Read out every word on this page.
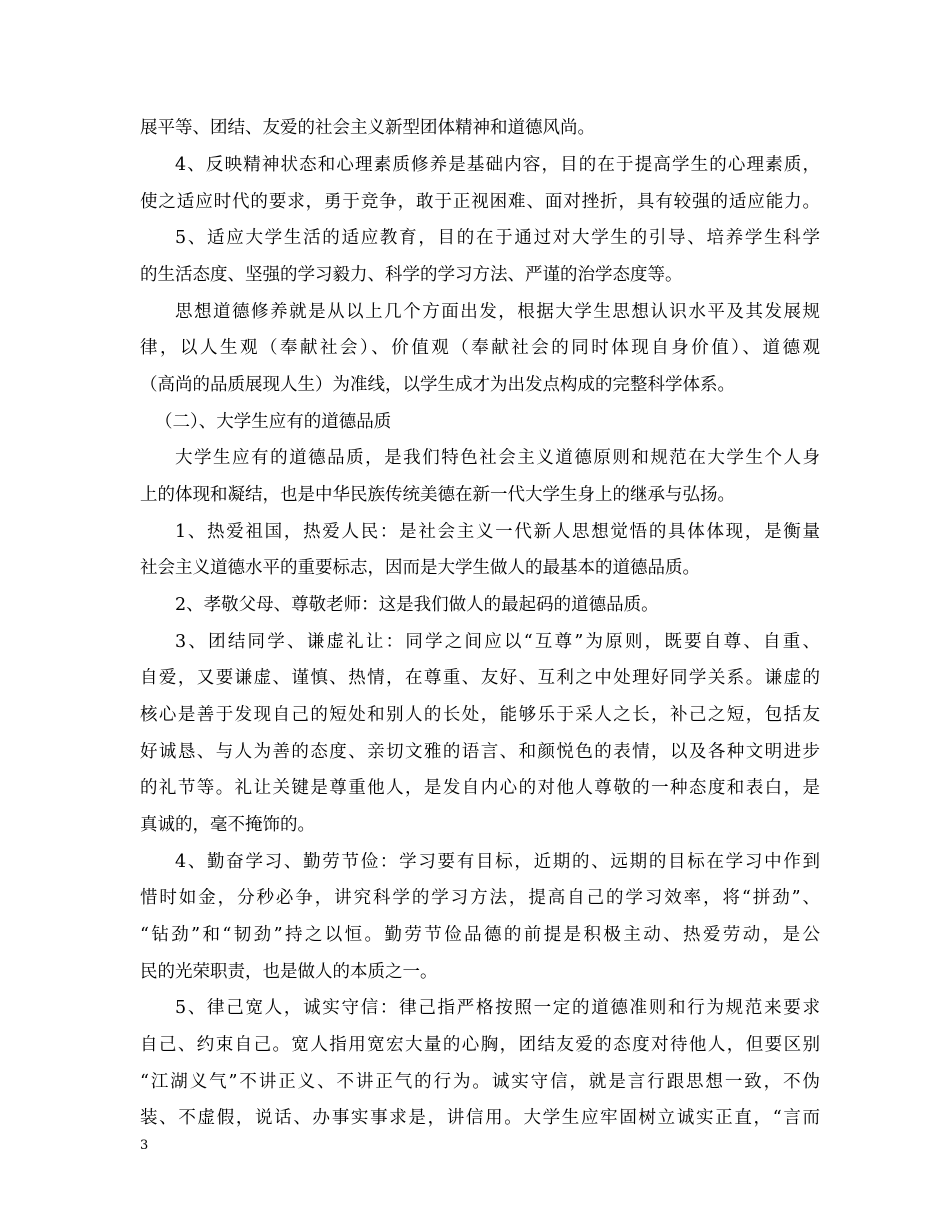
展平等、团结、友爱的社会主义新型团体精神和道德风尚。
4、反映精神状态和心理素质修养是基础内容，目的在于提高学生的心理素质，
使之适应时代的要求，勇于竞争，敢于正视困难、面对挫折，具有较强的适应能力。
5、适应大学生活的适应教育，目的在于通过对大学生的引导、培养学生科学
的生活态度、坚强的学习毅力、科学的学习方法、严谨的治学态度等。
思想道德修养就是从以上几个方面出发，根据大学生思想认识水平及其发展规
律，以人生观（奉献社会）、价值观（奉献社会的同时体现自身价值）、道德观
（高尚的品质展现人生）为准线，以学生成才为出发点构成的完整科学体系。
（二）、大学生应有的道德品质
大学生应有的道德品质，是我们特色社会主义道德原则和规范在大学生个人身
上的体现和凝结，也是中华民族传统美德在新一代大学生身上的继承与弘扬。
1、热爱祖国，热爱人民：是社会主义一代新人思想觉悟的具体体现，是衡量
社会主义道德水平的重要标志，因而是大学生做人的最基本的道德品质。
2、孝敬父母、尊敬老师：这是我们做人的最起码的道德品质。
3、团结同学、谦虚礼让：同学之间应以“互尊”为原则，既要自尊、自重、
自爱，又要谦虚、谨慎、热情，在尊重、友好、互利之中处理好同学关系。谦虚的
核心是善于发现自己的短处和别人的长处，能够乐于采人之长，补己之短，包括友
好诚恳、与人为善的态度、亲切文雅的语言、和颜悦色的表情，以及各种文明进步
的礼节等。礼让关键是尊重他人，是发自内心的对他人尊敬的一种态度和表白，是
真诚的，毫不掩饰的。
4、勤奋学习、勤劳节俭：学习要有目标，近期的、远期的目标在学习中作到
惜时如金，分秒必争，讲究科学的学习方法，提高自己的学习效率，将“拼劲”、
“钻劲”和“韧劲”持之以恒。勤劳节俭品德的前提是积极主动、热爱劳动，是公
民的光荣职责，也是做人的本质之一。
5、律己宽人，诚实守信：律己指严格按照一定的道德准则和行为规范来要求
自己、约束自己。宽人指用宽宏大量的心胸，团结友爱的态度对待他人，但要区别
“江湖义气”不讲正义、不讲正气的行为。诚实守信，就是言行跟思想一致，不伪
装、不虚假，说话、办事实事求是，讲信用。大学生应牢固树立诚实正直，“言而
3
